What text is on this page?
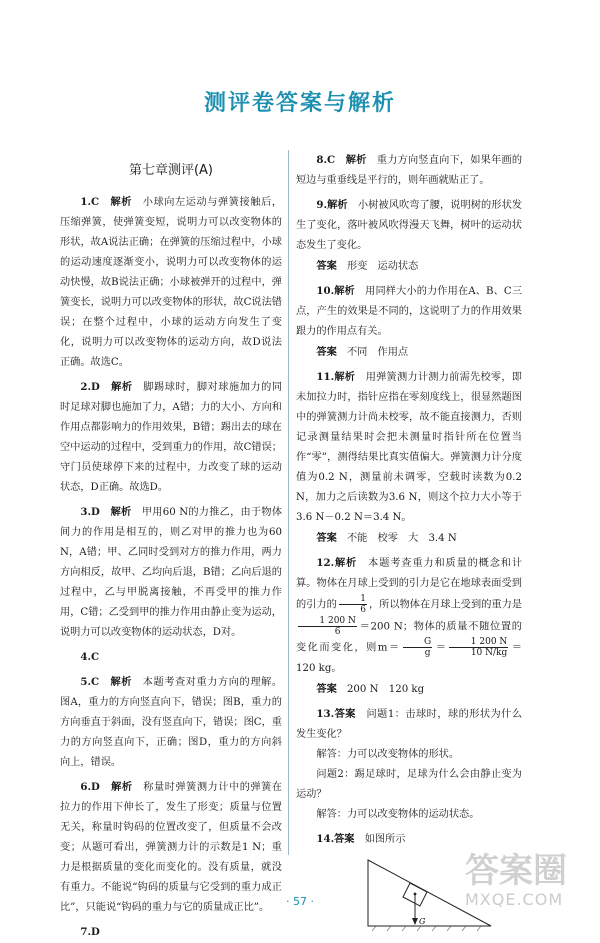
测评卷答案与解析
第七章测评(A)

1.C　 解析　 小球向左运动与弹簧接触后，压缩弹簧，使弹簧变短，说明力可以改变物体的形状，故A说法正确；在弹簧的压缩过程中，小球的运动速度逐渐变小，说明力可以改变物体的运动快慢，故B说法正确；小球被弹开的过程中，弹簧变长，说明力可以改变物体的形状，故C说法错误；在整个过程中，小球的运动方向发生了变化，说明力可以改变物体的运动方向，故D说法正确。故选C。

2.D　 解析　 脚踢球时，脚对球施加力的同时足球对脚也施加了力，A错；力的大小、方向和作用点都影响力的作用效果，B错；踢出去的球在空中运动的过程中，受到重力的作用，故C错误；守门员使球停下来的过程中，力改变了球的运动状态，D正确。故选D。

3.D　 解析　 甲用60 N的力推乙，由于物体间力的作用是相互的，则乙对甲的推力也为60 N，A错；甲、乙同时受到对方的推力作用，两力方向相反，故甲、乙均向后退，B错；乙向后退的过程中，乙与甲脱离接触，不再受甲的推力作用，C错；乙受到甲的推力作用由静止变为运动，说明力可以改变物体的运动状态，D对。

4.C

5.C　 解析　 本题考查对重力方向的理解。图A，重力的方向竖直向下，错误；图B，重力的方向垂直于斜面，没有竖直向下，错误；图C，重力的方向竖直向下，正确；图D，重力的方向斜向上，错误。

6.D　 解析　 称量时弹簧测力计中的弹簧在拉力的作用下伸长了，发生了形变；质量与位置无关，称量时钩码的位置改变了，但质量不会改变；从题可看出，弹簧测力计的示数是1 N；重力是根据质量的变化而变化的。没有质量，就没有重力。不能说“钩码的质量与它受到的重力成正比”，只能说“钩码的重力与它的质量成正比”。

7.D

8.C　 解析　 重力方向竖直向下，如果年画的短边与重垂线是平行的，则年画就贴正了。

9.解析　 小树被风吹弯了腰，说明树的形状发生了变化，落叶被风吹得漫天飞舞，树叶的运动状态发生了变化。

答案　 形变　运动状态

10.解析　 用同样大小的力作用在A、B、C三点，产生的效果是不同的，这说明了力的作用效果跟力的作用点有关。

答案　 不同　作用点

11.解析　 用弹簧测力计测力前需先校零，即未加拉力时，指针应指在零刻度线上，很显然题图中的弹簧测力计尚未校零，故不能直接测力，否则记录测量结果时会把未测量时指针所在位置当作“零”，测得结果比真实值偏大。弹簧测力计分度值为0.2 N，测量前未调零，空载时读数为0.2 N，加力之后读数为3.6 N，则这个拉力大小等于3.6 N－0.2 N＝3.4 N。

答案　 不能　校零　大　3.4 N

12.解析　 本题考查重力和质量的概念和计算。物体在月球上受到的引力是它在地球表面受到的引力的 $\frac{1}{6}$ ，所以物体在月球上受到的重力是
$\frac{1 200 N}{6} =200$ N；物体的质量不随位置的变化而变化，则$m= \frac{G}{g} = \frac{1 200 N}{10 N/kg} =120$ kg。

答案　 200 N　120 kg

13.答案　 问题1：击球时，球的形状为什么发生变化？

解答：力可以改变物体的形状。

问题2：踢足球时，足球为什么会由静止变为运动？

解答：力可以改变物体的运动状态。

14.答案　 如图所示

G
· 57 ·
答案圈
MXQE.COM
